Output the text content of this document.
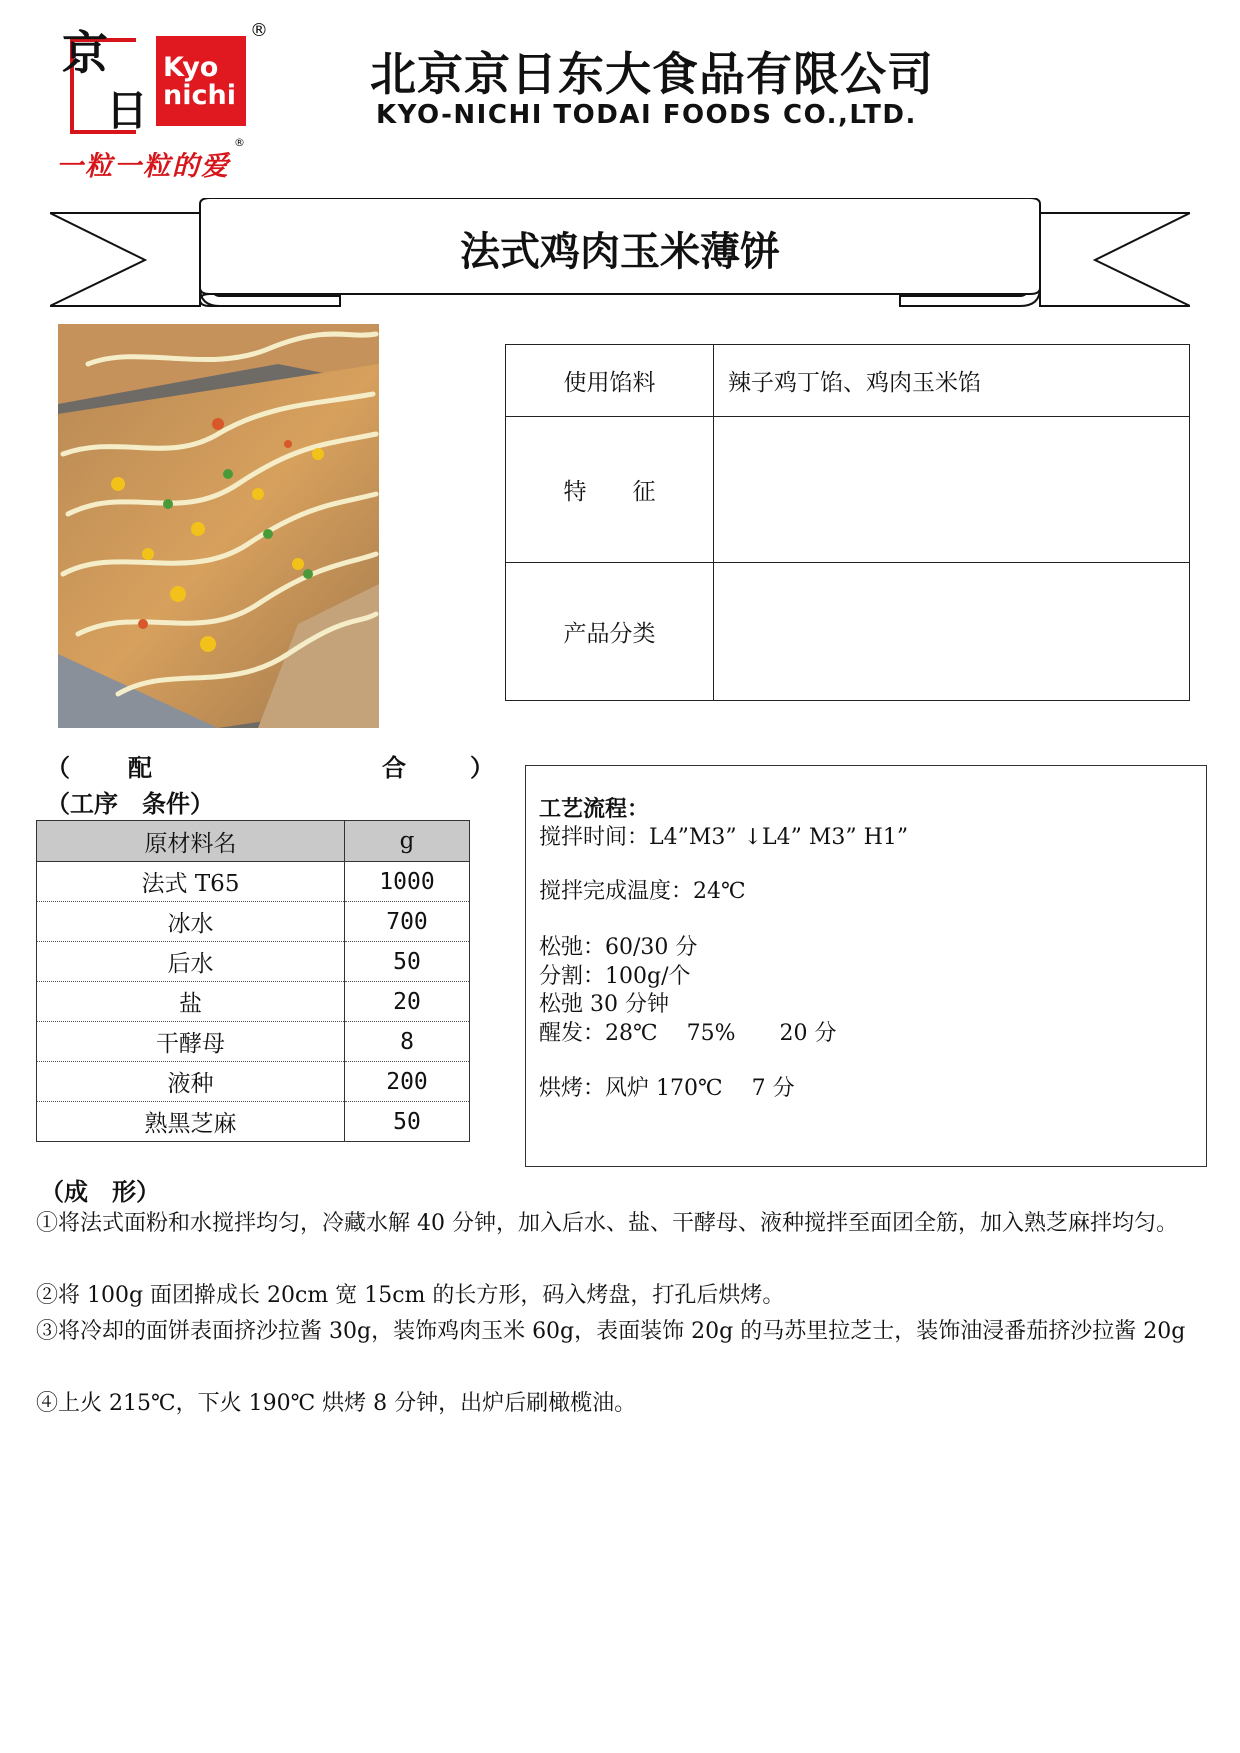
京
日
Kyo
nichi
®
一粒一粒的爱
®
北京京日东大食品有限公司
KYO-NICHI TODAI FOODS CO.,LTD.
法式鸡肉玉米薄饼
使用馅料	辣子鸡丁馅、鸡肉玉米馅
特　　征	
产品分类	
（ 配	合	）
（工序　条件）
原材料名	g
法式 T65	1000
冰水	700
后水	50
盐	20
干酵母	8
液种	200
熟黑芝麻	50
工艺流程：
搅拌时间：L4”M3” ↓L4” M3” H1”
搅拌完成温度：24℃
松弛：60/30 分
分割：100g/个
松弛 30 分钟
醒发：28℃　 75%　　20 分
烘烤：风炉 170℃　 7 分
（成　形）
①将法式面粉和水搅拌均匀，冷藏水解 40 分钟，加入后水、盐、干酵母、液种搅拌至面团全筋，加入熟芝麻拌均匀。
②将 100g 面团擀成长 20cm 宽 15cm 的长方形，码入烤盘，打孔后烘烤。
③将冷却的面饼表面挤沙拉酱 30g，装饰鸡肉玉米 60g，表面装饰 20g 的马苏里拉芝士，装饰油浸番茄挤沙拉酱 20g
④上火 215℃，下火 190℃ 烘烤 8 分钟，出炉后刷橄榄油。
